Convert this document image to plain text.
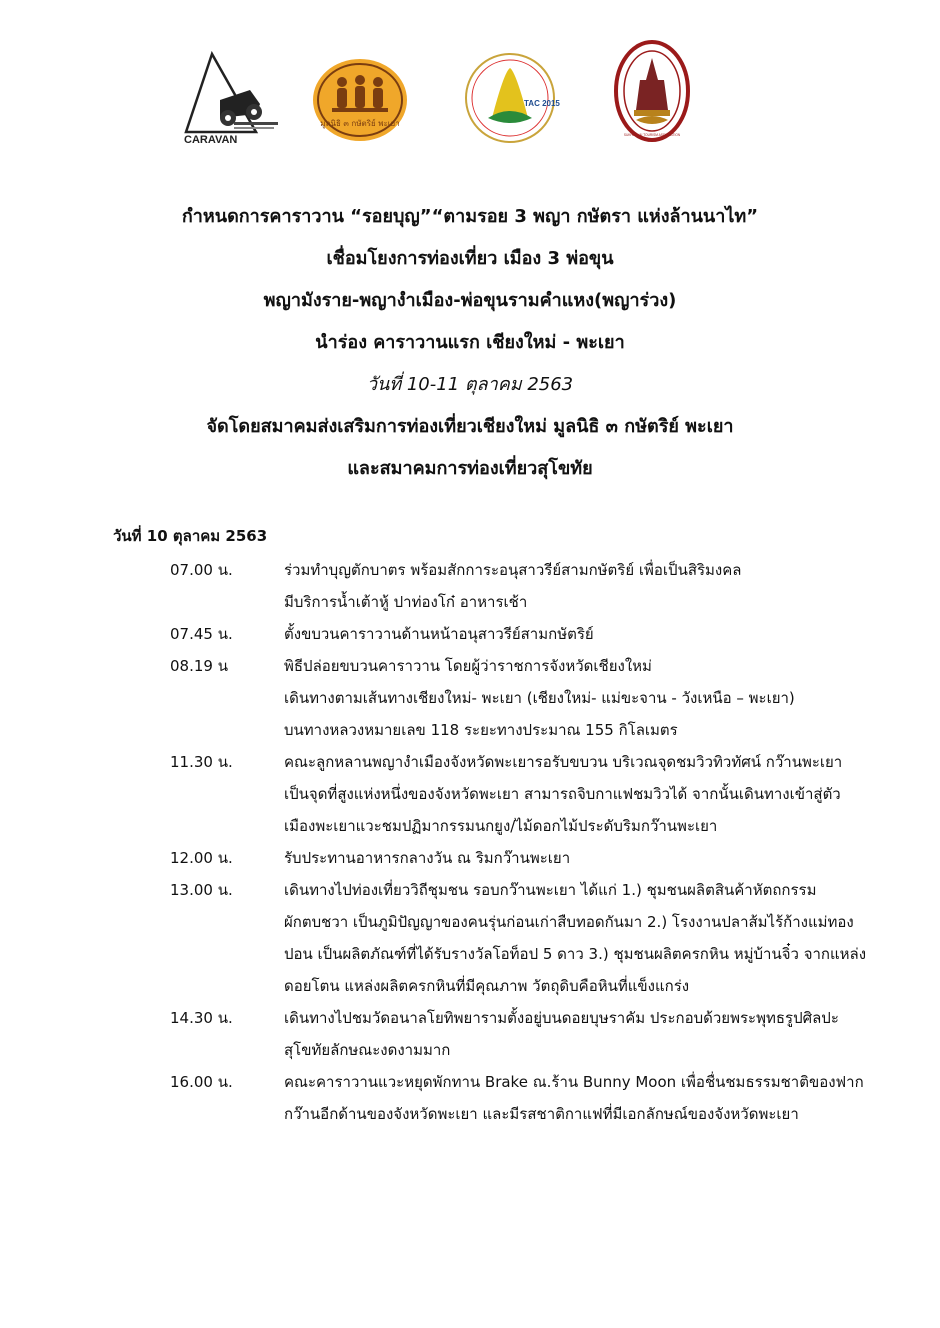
CARAVAN
มูลนิธิ ๓ กษัตริย์ พะเยา
TAC 2015
SUKHOTHAI TOURISM ASSOCIATION
กำหนดการคาราวาน “รอยบุญ”“ตามรอย 3 พญา กษัตรา แห่งล้านนาไท”
เชื่อมโยงการท่องเที่ยว เมือง 3 พ่อขุน
พญามังราย-พญางำเมือง-พ่อขุนรามคำแหง(พญาร่วง)
นำร่อง คาราวานแรก เชียงใหม่ - พะเยา
วันที่ 10-11 ตุลาคม 2563
จัดโดยสมาคมส่งเสริมการท่องเที่ยวเชียงใหม่ มูลนิธิ ๓ กษัตริย์ พะเยา
และสมาคมการท่องเที่ยวสุโขทัย
วันที่ 10 ตุลาคม 2563
07.00 น.	ร่วมทำบุญตักบาตร พร้อมสักการะอนุสาวรีย์สามกษัตริย์ เพื่อเป็นสิริมงคล
มีบริการน้ำเต้าหู้ ปาท่องโก๋ อาหารเช้า
07.45 น.	ตั้งขบวนคาราวานด้านหน้าอนุสาวรีย์สามกษัตริย์
08.19 น	พิธีปล่อยขบวนคาราวาน โดยผู้ว่าราชการจังหวัดเชียงใหม่
เดินทางตามเส้นทางเชียงใหม่- พะเยา (เชียงใหม่- แม่ขะจาน - วังเหนือ – พะเยา)
บนทางหลวงหมายเลข 118 ระยะทางประมาณ 155 กิโลเมตร
11.30 น.	คณะลูกหลานพญางำเมืองจังหวัดพะเยารอรับขบวน บริเวณจุดชมวิวทิวทัศน์ กว๊านพะเยา
เป็นจุดที่สูงแห่งหนึ่งของจังหวัดพะเยา สามารถจิบกาแฟชมวิวได้ จากนั้นเดินทางเข้าสู่ตัว
เมืองพะเยาแวะชมปฏิมากรรมนกยูง/ไม้ดอกไม้ประดับริมกว๊านพะเยา
12.00 น.	รับประทานอาหารกลางวัน ณ ริมกว๊านพะเยา
13.00 น.	เดินทางไปท่องเที่ยววิถีชุมชน รอบกว๊านพะเยา ได้แก่ 1.) ชุมชนผลิตสินค้าหัตถกรรม
ผักตบชวา เป็นภูมิปัญญาของคนรุ่นก่อนเก่าสืบทอดกันมา 2.) โรงงานปลาส้มไร้ก้างแม่ทอง
ปอน เป็นผลิตภัณฑ์ที่ได้รับรางวัลโอท็อป 5 ดาว 3.) ชุมชนผลิตครกหิน หมู่บ้านจิ๋ว จากแหล่ง
ดอยโตน แหล่งผลิตครกหินที่มีคุณภาพ วัตถุดิบคือหินที่แข็งแกร่ง
14.30 น.	เดินทางไปชมวัดอนาลโยทิพยารามตั้งอยู่บนดอยบุษราคัม ประกอบด้วยพระพุทธรูปศิลปะ
สุโขทัยลักษณะงดงามมาก
16.00 น.	คณะคาราวานแวะหยุดพักทาน Brake ณ.ร้าน Bunny Moon เพื่อชื่นชมธรรมชาติของฟาก
กว๊านอีกด้านของจังหวัดพะเยา และมีรสชาติกาแฟที่มีเอกลักษณ์ของจังหวัดพะเยา
